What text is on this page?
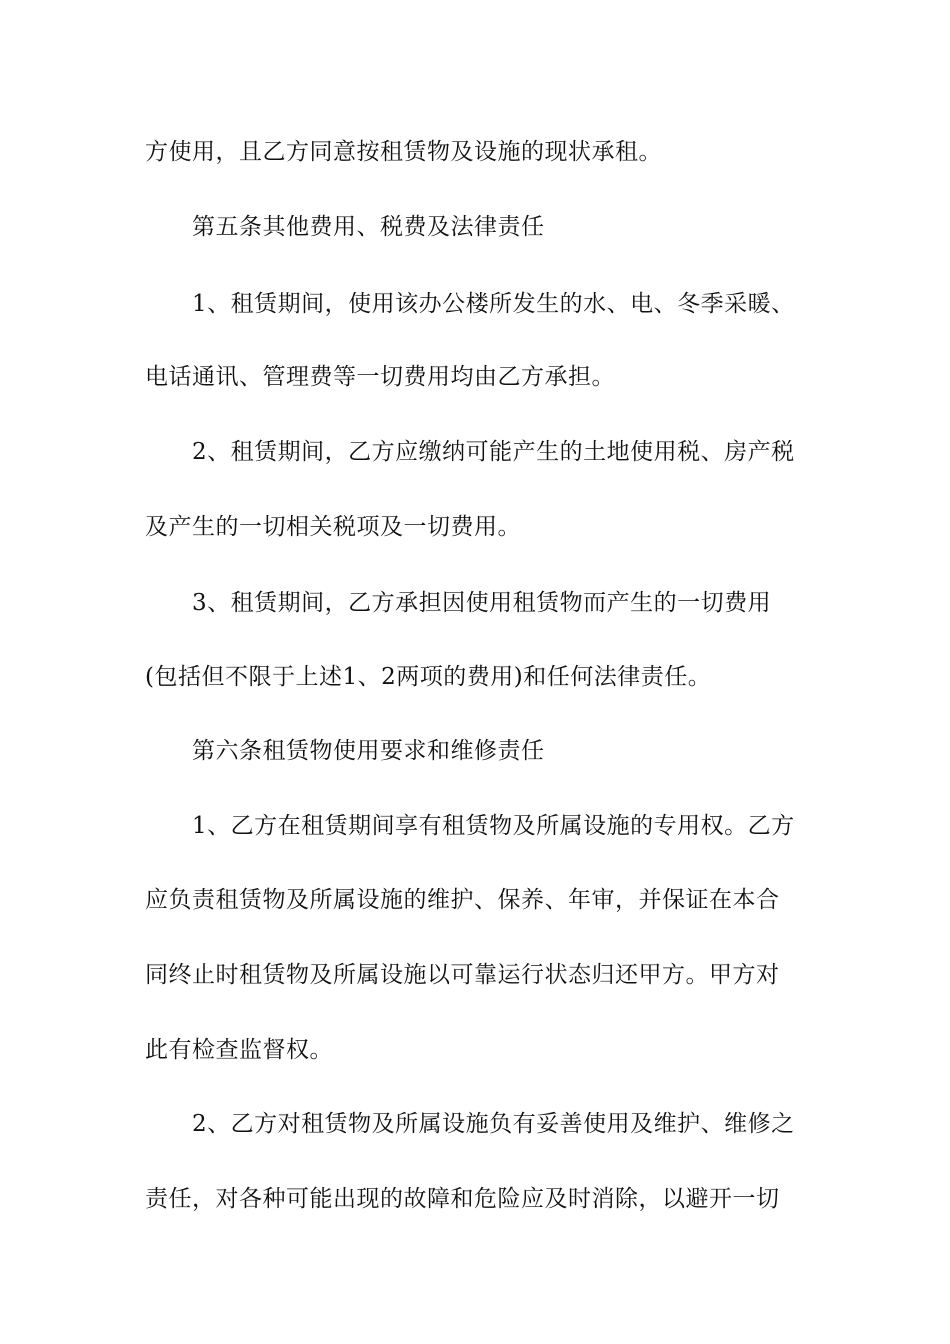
方使用，且乙方同意按租赁物及设施的现状承租。
第五条其他费用、税费及法律责任
1、租赁期间，使用该办公楼所发生的水、电、冬季采暖、
电话通讯、管理费等一切费用均由乙方承担。
2、租赁期间，乙方应缴纳可能产生的土地使用税、房产税
及产生的一切相关税项及一切费用。
3、租赁期间，乙方承担因使用租赁物而产生的一切费用
(包括但不限于上述1、2两项的费用)和任何法律责任。
第六条租赁物使用要求和维修责任
1、乙方在租赁期间享有租赁物及所属设施的专用权。乙方
应负责租赁物及所属设施的维护、保养、年审，并保证在本合
同终止时租赁物及所属设施以可靠运行状态归还甲方。甲方对
此有检查监督权。
2、乙方对租赁物及所属设施负有妥善使用及维护、维修之
责任，对各种可能出现的故障和危险应及时消除，以避开一切
